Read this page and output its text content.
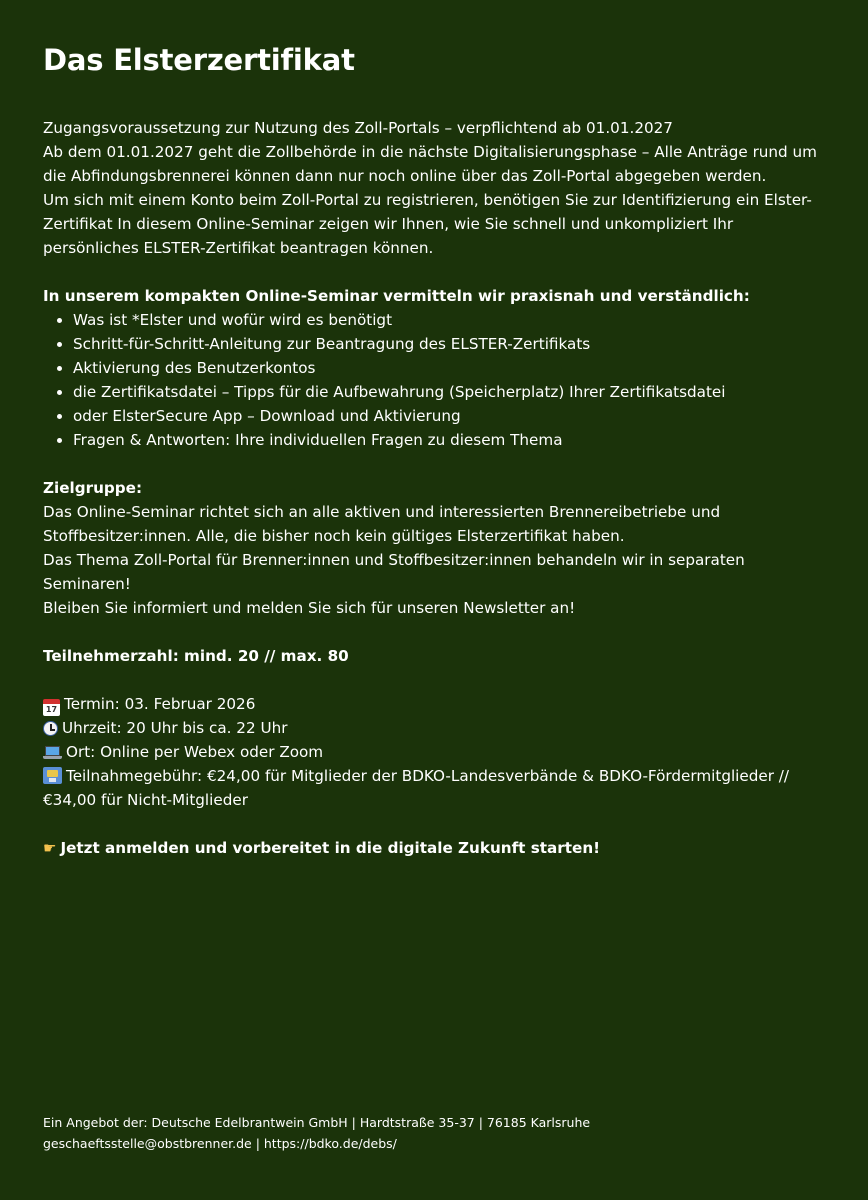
Das Elsterzertifikat

Zugangsvoraussetzung zur Nutzung des Zoll-Portals – verpflichtend ab 01.01.2027

Ab dem 01.01.2027 geht die Zollbehörde in die nächste Digitalisierungsphase – Alle Anträge rund um die Abfindungsbrennerei können dann nur noch online über das Zoll-Portal abgegeben werden.

Um sich mit einem Konto beim Zoll-Portal zu registrieren, benötigen Sie zur Identifizierung ein Elster-Zertifikat In diesem Online-Seminar zeigen wir Ihnen, wie Sie schnell und unkompliziert Ihr persönliches ELSTER-Zertifikat beantragen können.

In unserem kompakten Online-Seminar vermitteln wir praxisnah und verständlich:

• Was ist *Elster und wofür wird es benötigt
• Schritt-für-Schritt-Anleitung zur Beantragung des ELSTER-Zertifikats
• Aktivierung des Benutzerkontos
• die Zertifikatsdatei – Tipps für die Aufbewahrung (Speicherplatz) Ihrer Zertifikatsdatei
• oder ElsterSecure App – Download und Aktivierung
• Fragen & Antworten: Ihre individuellen Fragen zu diesem Thema

Zielgruppe:

Das Online-Seminar richtet sich an alle aktiven und interessierten Brennereibetriebe und Stoffbesitzer:innen. Alle, die bisher noch kein gültiges Elsterzertifikat haben.

Das Thema Zoll-Portal für Brenner:innen und Stoffbesitzer:innen behandeln wir in separaten Seminaren!

Bleiben Sie informiert und melden Sie sich für unseren Newsletter an!

Teilnehmerzahl: mind. 20 // max. 80

17 Termin: 03. Februar 2026

Uhrzeit: 20 Uhr bis ca. 22 Uhr

Ort: Online per Webex oder Zoom

Teilnahmegebühr: €24,00 für Mitglieder der BDKO-Landesverbände & BDKO-Fördermitglieder // €34,00 für Nicht-Mitglieder

☛ Jetzt anmelden und vorbereitet in die digitale Zukunft starten!

Ein Angebot der: Deutsche Edelbrantwein GmbH | Hardtstraße 35-37 | 76185 Karlsruhe

geschaeftsstelle@obstbrenner.de | https://bdko.de/debs/
